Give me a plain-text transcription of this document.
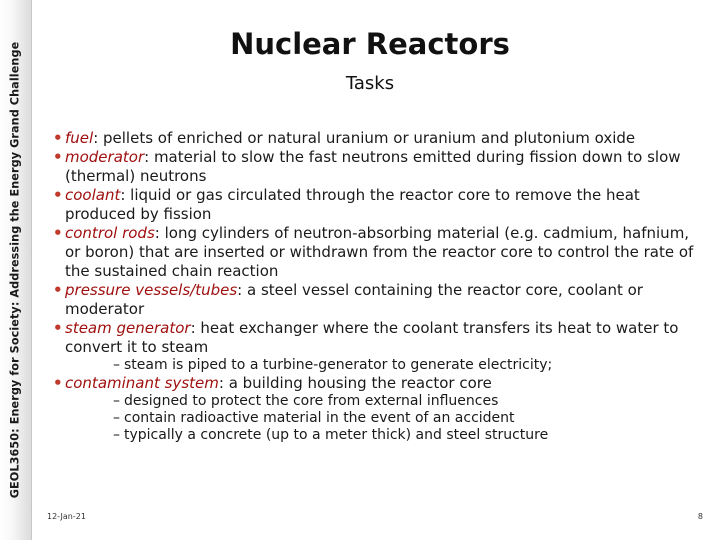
GEOL3650: Energy for Society: Addressing the Energy Grand Challenge	Nuclear Reactors
Tasks
• fuel: pellets of enriched or natural uranium or uranium and plutonium oxide
• moderator: material to slow the fast neutrons emitted during fission down to slow (thermal) neutrons
• coolant: liquid or gas circulated through the reactor core to remove the heat produced by fission
• control rods: long cylinders of neutron-absorbing material (e.g. cadmium, hafnium, or boron) that are inserted or withdrawn from the reactor core to control the rate of the sustained chain reaction
• pressure vessels/tubes: a steel vessel containing the reactor core, coolant or moderator
• steam generator: heat exchanger where the coolant transfers its heat to water to convert it to steam
– steam is piped to a turbine-generator to generate electricity;
• contaminant system: a building housing the reactor core
– designed to protect the core from external influences
– contain radioactive material in the event of an accident
– typically a concrete (up to a meter thick) and steel structure
12-Jan-21	8
